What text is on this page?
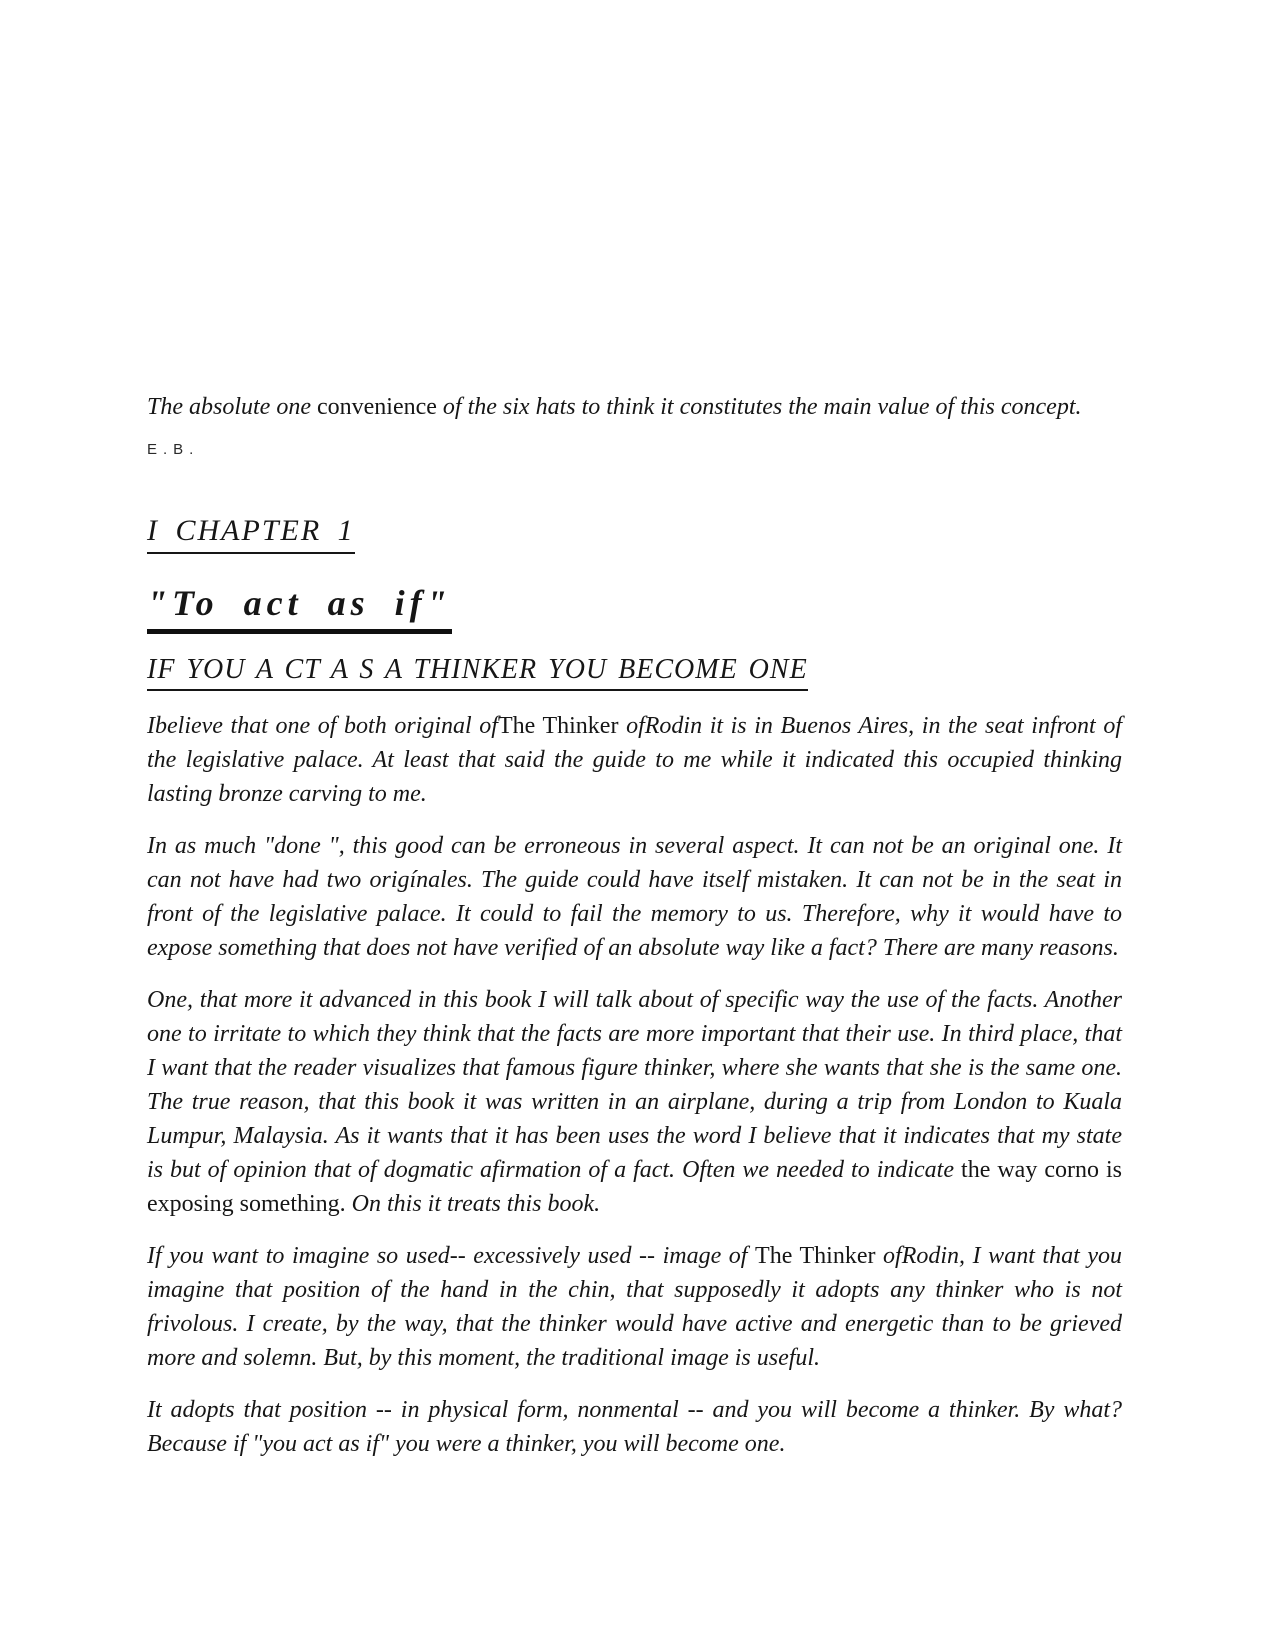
The absolute one convenience of the six hats to think it constitutes the main value of this concept.

E.B.

I CHAPTER 1
"To act as if"
IF YOU A CT A S A THINKER YOU BECOME ONE

Ibelieve that one of both original ofThe Thinker ofRodin it is in Buenos Aires, in the seat infront of the legislative palace. At least that said the guide to me while it indicated this occupied thinking lasting bronze carving to me.

In as much "done ", this good can be erroneous in several aspect. It can not be an original one. It can not have had two origínales. The guide could have itself mistaken. It can not be in the seat in front of the legislative palace. It could to fail the memory to us. Therefore, why it would have to expose something that does not have verified of an absolute way like a fact? There are many reasons.

One, that more it advanced in this book I will talk about of specific way the use of the facts. Another one to irritate to which they think that the facts are more important that their use. In third place, that I want that the reader visualizes that famous figure thinker, where she wants that she is the same one. The true reason, that this book it was written in an airplane, during a trip from London to Kuala Lumpur, Malaysia. As it wants that it has been uses the word I believe that it indicates that my state is but of opinion that of dogmatic afirmation of a fact. Often we needed to indicate the way corno is exposing something. On this it treats this book.

If you want to imagine so used-- excessively used -- image of The Thinker ofRodin, I want that you imagine that position of the hand in the chin, that supposedly it adopts any thinker who is not frivolous. I create, by the way, that the thinker would have active and energetic than to be grieved more and solemn. But, by this moment, the traditional image is useful.

It adopts that position -- in physical form, nonmental -- and you will become a thinker. By what? Because if "you act as if" you were a thinker, you will become one.
